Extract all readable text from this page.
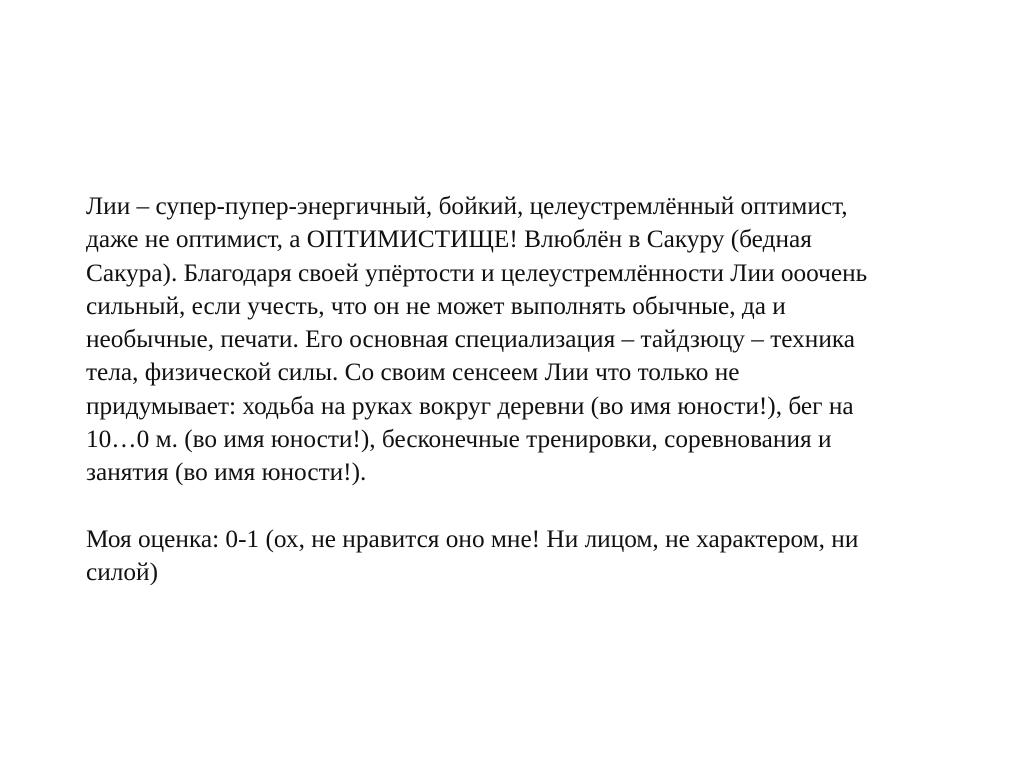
Лии – супер-пупер-энергичный, бойкий, целеустремлённый оптимист,
даже не оптимист, а ОПТИМИСТИЩЕ! Влюблён в Сакуру (бедная
Сакура). Благодаря своей упёртости и целеустремлённости Лии ооочень
сильный, если учесть, что он не может выполнять обычные, да и
необычные, печати. Его основная специализация – тайдзюцу – техника
тела, физической силы. Со своим сенсеем Лии что только не
придумывает: ходьба на руках вокруг деревни (во имя юности!), бег на
10…0 м. (во имя юности!), бесконечные тренировки, соревнования и
занятия (во имя юности!).

Моя оценка: 0-1 (ох, не нравится оно мне! Ни лицом, не характером, ни
силой)
